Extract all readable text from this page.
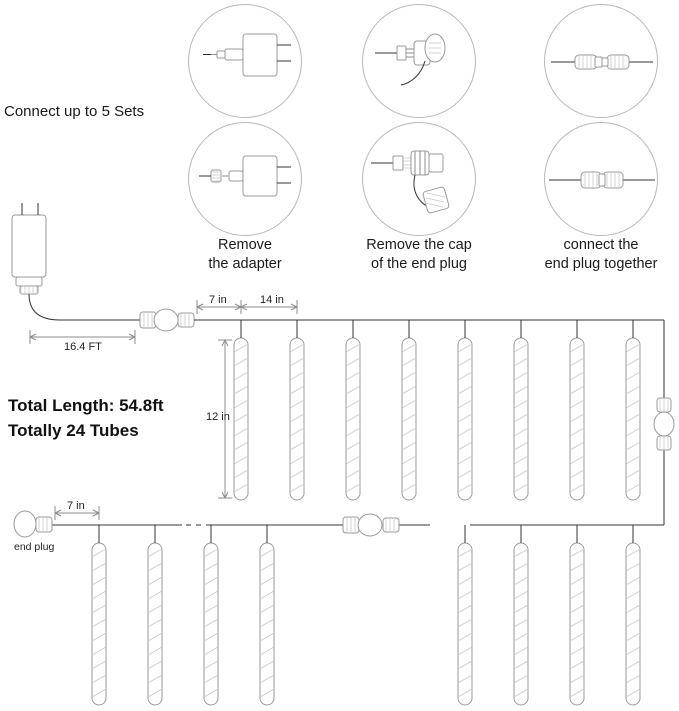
Connect up to 5 Sets
Remove
the adapter
Remove the cap
of the end plug
connect the
end plug together
16.4 FT
7 in	14 in
12 in
7 in
end plug
Total Length: 54.8ft
Totally 24 Tubes
